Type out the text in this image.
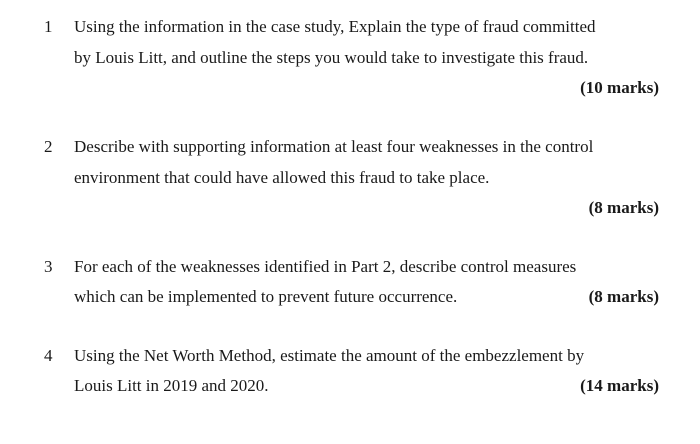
1 Using the information in the case study, Explain the type of fraud committed
by Louis Litt, and outline the steps you would take to investigate this fraud.
(10 marks)
2 Describe with supporting information at least four weaknesses in the control
environment that could have allowed this fraud to take place.
(8 marks)
3 For each of the weaknesses identified in Part 2, describe control measures
which can be implemented to prevent future occurrence.	(8 marks)
4 Using the Net Worth Method, estimate the amount of the embezzlement by
Louis Litt in 2019 and 2020.	(14 marks)
